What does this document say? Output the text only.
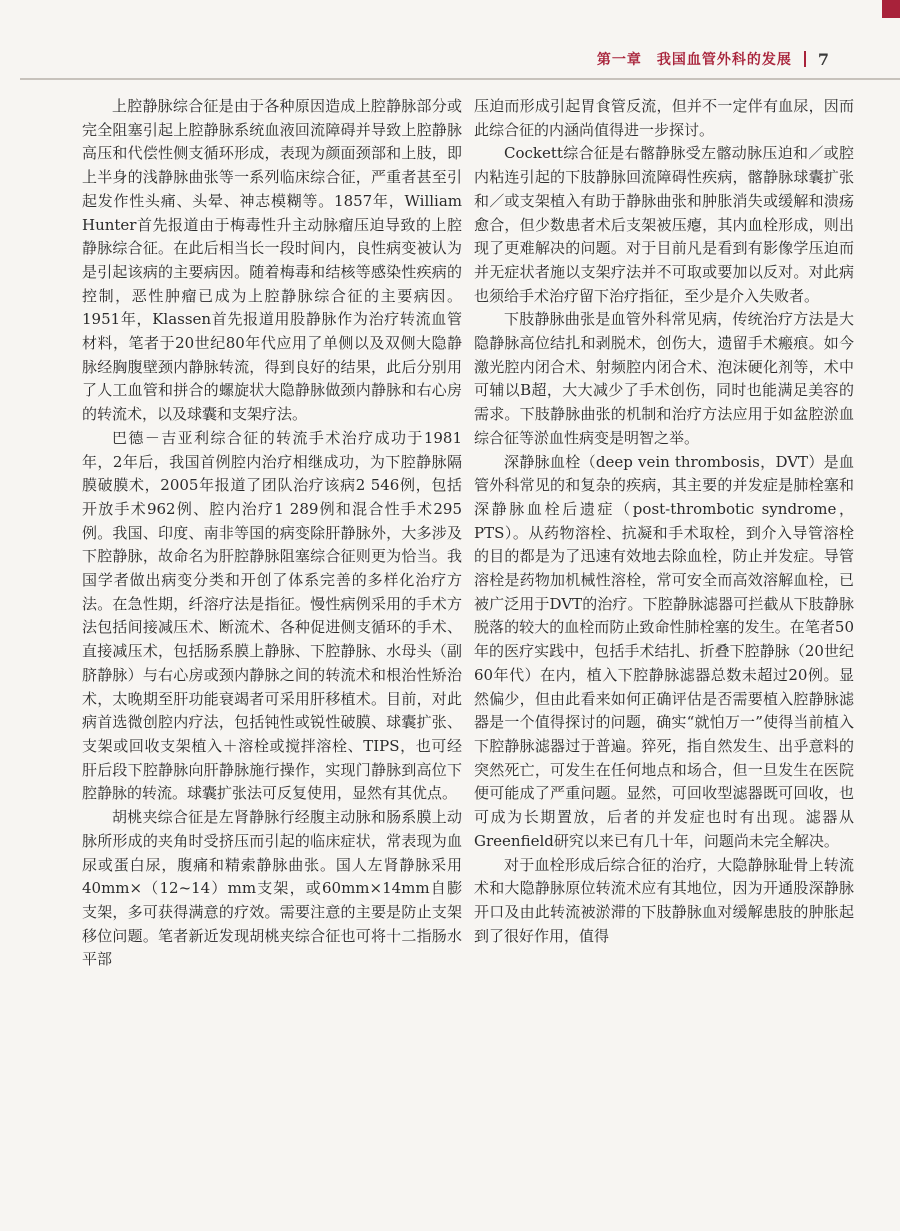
第一章　我国血管外科的发展 7

上腔静脉综合征是由于各种原因造成上腔静脉部分或完全阻塞引起上腔静脉系统血液回流障碍并导致上腔静脉高压和代偿性侧支循环形成，表现为颜面颈部和上肢，即上半身的浅静脉曲张等一系列临床综合征，严重者甚至引起发作性头痛、头晕、神志模糊等。1857年，William Hunter首先报道由于梅毒性升主动脉瘤压迫导致的上腔静脉综合征。在此后相当长一段时间内，良性病变被认为是引起该病的主要病因。随着梅毒和结核等感染性疾病的控制，恶性肿瘤已成为上腔静脉综合征的主要病因。1951年，Klassen首先报道用股静脉作为治疗转流血管材料，笔者于20世纪80年代应用了单侧以及双侧大隐静脉经胸腹壁颈内静脉转流，得到良好的结果，此后分别用了人工血管和拼合的螺旋状大隐静脉做颈内静脉和右心房的转流术，以及球囊和支架疗法。

巴德－吉亚利综合征的转流手术治疗成功于1981年，2年后，我国首例腔内治疗相继成功，为下腔静脉隔膜破膜术，2005年报道了团队治疗该病2 546例，包括开放手术962例、腔内治疗1 289例和混合性手术295例。我国、印度、南非等国的病变除肝静脉外，大多涉及下腔静脉，故命名为肝腔静脉阻塞综合征则更为恰当。我国学者做出病变分类和开创了体系完善的多样化治疗方法。在急性期，纤溶疗法是指征。慢性病例采用的手术方法包括间接减压术、断流术、各种促进侧支循环的手术、直接减压术，包括肠系膜上静脉、下腔静脉、水母头（副脐静脉）与右心房或颈内静脉之间的转流术和根治性矫治术，太晚期至肝功能衰竭者可采用肝移植术。目前，对此病首选微创腔内疗法，包括钝性或锐性破膜、球囊扩张、支架或回收支架植入＋溶栓或搅拌溶栓、TIPS，也可经肝后段下腔静脉向肝静脉施行操作，实现门静脉到高位下腔静脉的转流。球囊扩张法可反复使用，显然有其优点。

胡桃夹综合征是左肾静脉行经腹主动脉和肠系膜上动脉所形成的夹角时受挤压而引起的临床症状，常表现为血尿或蛋白尿，腹痛和精索静脉曲张。国人左肾静脉采用40mm×（12~14）mm支架，或60mm×14mm自膨支架，多可获得满意的疗效。需要注意的主要是防止支架移位问题。笔者新近发现胡桃夹综合征也可将十二指肠水平部

压迫而形成引起胃食管反流，但并不一定伴有血尿，因而此综合征的内涵尚值得进一步探讨。

Cockett综合征是右髂静脉受左髂动脉压迫和／或腔内粘连引起的下肢静脉回流障碍性疾病，髂静脉球囊扩张和／或支架植入有助于静脉曲张和肿胀消失或缓解和溃疡愈合，但少数患者术后支架被压瘪，其内血栓形成，则出现了更难解决的问题。对于目前凡是看到有影像学压迫而并无症状者施以支架疗法并不可取或要加以反对。对此病也须给手术治疗留下治疗指征，至少是介入失败者。

下肢静脉曲张是血管外科常见病，传统治疗方法是大隐静脉高位结扎和剥脱术，创伤大，遗留手术瘢痕。如今激光腔内闭合术、射频腔内闭合术、泡沫硬化剂等，术中可辅以B超，大大减少了手术创伤，同时也能满足美容的需求。下肢静脉曲张的机制和治疗方法应用于如盆腔淤血综合征等淤血性病变是明智之举。

深静脉血栓（deep vein thrombosis，DVT）是血管外科常见的和复杂的疾病，其主要的并发症是肺栓塞和深静脉血栓后遗症（post-thrombotic syndrome，PTS）。从药物溶栓、抗凝和手术取栓，到介入导管溶栓的目的都是为了迅速有效地去除血栓，防止并发症。导管溶栓是药物加机械性溶栓，常可安全而高效溶解血栓，已被广泛用于DVT的治疗。下腔静脉滤器可拦截从下肢静脉脱落的较大的血栓而防止致命性肺栓塞的发生。在笔者50年的医疗实践中，包括手术结扎、折叠下腔静脉（20世纪60年代）在内，植入下腔静脉滤器总数未超过20例。显然偏少，但由此看来如何正确评估是否需要植入腔静脉滤器是一个值得探讨的问题，确实“就怕万一”使得当前植入下腔静脉滤器过于普遍。猝死，指自然发生、出乎意料的突然死亡，可发生在任何地点和场合，但一旦发生在医院便可能成了严重问题。显然，可回收型滤器既可回收，也可成为长期置放，后者的并发症也时有出现。滤器从Greenfield研究以来已有几十年，问题尚未完全解决。

对于血栓形成后综合征的治疗，大隐静脉耻骨上转流术和大隐静脉原位转流术应有其地位，因为开通股深静脉开口及由此转流被淤滞的下肢静脉血对缓解患肢的肿胀起到了很好作用，值得
